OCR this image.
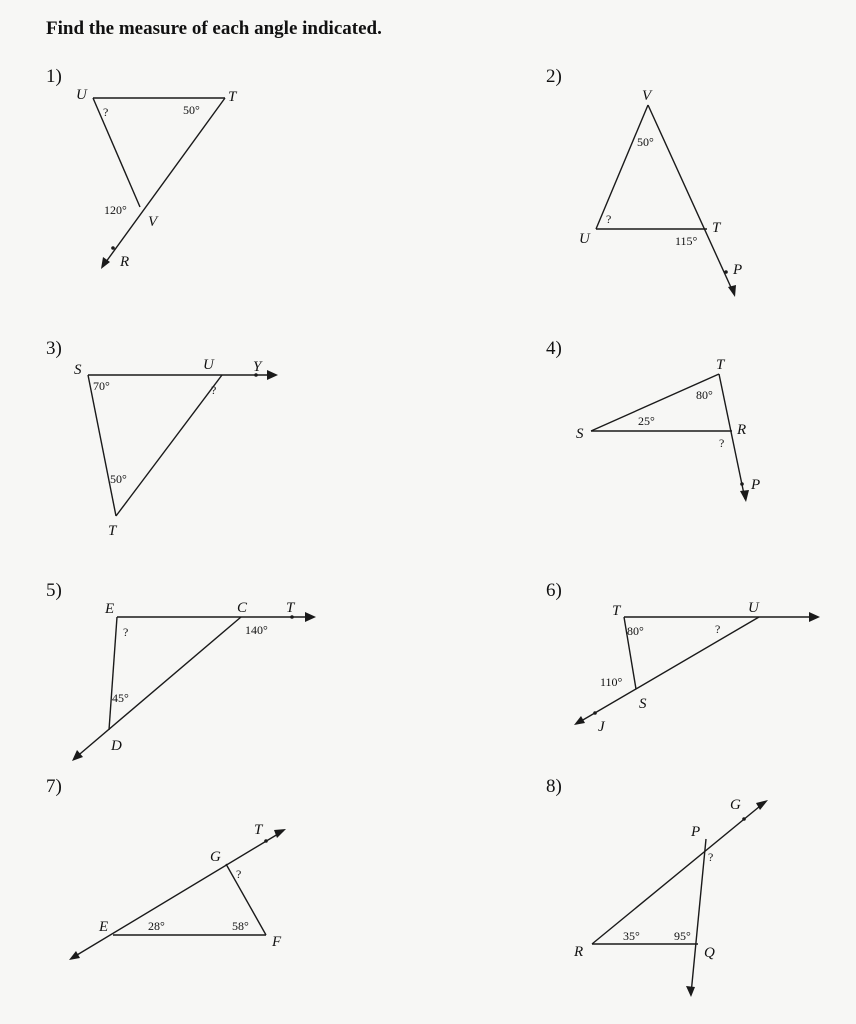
Find the measure of each angle indicated.
1)	2)
3)	4)
5)	6)
7)	8)
U	T
V
R
?	50°
120°
V
U
T
P
50°
?
115°
S	U	Y
T
70°	?
50°
T
S	R
P
80°
25°
?
E	C	T
D
?	140°
45°
T	U
S
J
80°	?
110°
T
G
E
F
?
28°	58°
G
P
R	Q
?
35°	95°
